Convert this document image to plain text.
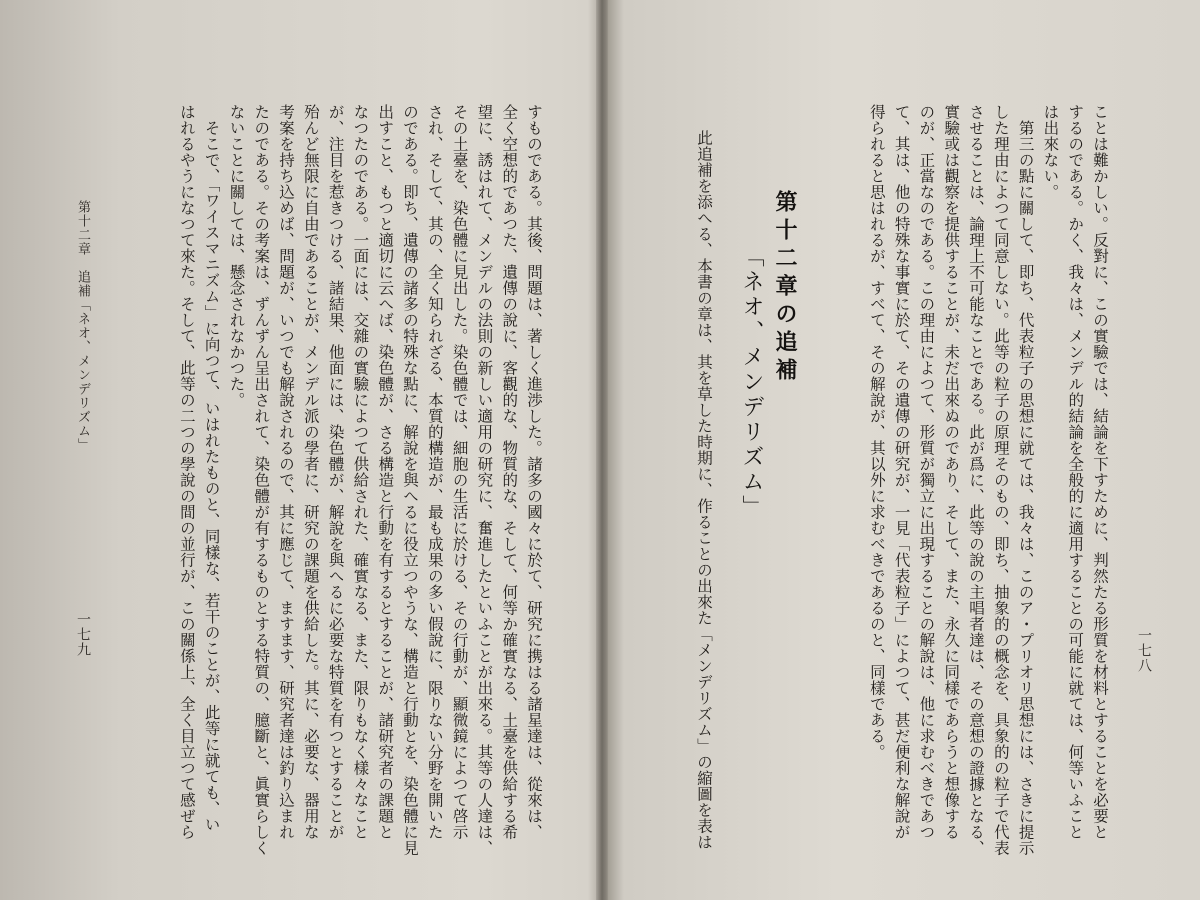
一七八
ことは難かしい。反對に、この實驗では、結論を下すために、判然たる形質を材料とすることを必要と
するのである。かく、我々は、メンデル的結論を全般的に適用することの可能に就ては、何等いふこと
は出來ない。
　第三の點に關して、即ち、代表粒子の思想に就ては、我々は、このア・プリオリ思想には、さきに提示
した理由によつて同意しない。此等の粒子の原理そのもの、即ち、抽象的の概念を、具象的の粒子で代表
させることは、論理上不可能なことである。此が爲に、此等の說の主唱者達は、その意想の證據となる、
實驗或は觀察を提供することが、未だ出來ぬのであり、そして、また、永久に同樣であらうと想像する
のが、正當なのである。この理由によつて、形質が獨立に出現することの解說は、他に求むべきであつ
て、其は、他の特殊な事實に於て、その遺傳の研究が、一見「代表粒子」によつて、甚だ便利な解說が
得られると思はれるが、すべて、その解說が、其以外に求むべきであるのと、同樣である。
第十二章の追補
「ネオ、メンデリズム」
此追補を添へる、本書の章は、其を草した時期に、作ることの出來た「メンデリズム」の縮圖を表は
一七九
第十二章　追補「ネオ、メンデリズム」	すものである。其後、問題は、著しく進渉した。諸多の國々に於て、研究に携はる諸星達は、從來は、
全く空想的であつた、遺傳の說に、客觀的な、物質的な、そして、何等か確實なる、土臺を供給する希
望に、誘はれて、メンデルの法則の新しい適用の研究に、奮進したといふことが出來る。其等の人達は、
その土臺を、染色體に見出した。染色體では、細胞の生活に於ける、その行動が、顯微鏡によつて啓示
され、そして、其の、全く知られざる、本質的構造が、最も成果の多い假說に、限りない分野を開いた
のである。即ち、遺傳の諸多の特殊な點に、解說を與へるに役立つやうな、構造と行動とを、染色體に見
出すこと、もつと適切に云へば、染色體が、さる構造と行動を有するとすることが、諸研究者の課題と
なつたのである。一面には、交雜の實驗によつて供給された、確實なる、また、限りもなく樣々なこと
が、注目を惹きつける、諸結果、他面には、染色體が、解說を與へるに必要な特質を有つとすることが
殆んど無限に自由であることが、メンデル派の學者に、研究の課題を供給した。其に、必要な、器用な
考案を持ち込めば、問題が、いつでも解說されるので、其に應じて、ますます、研究者達は釣り込まれ
たのである。その考案は、ずんずん呈出されて、染色體が有するものとする特質の、臆斷と、眞實らしく
ないことに關しては、懸念されなかつた。
　そこで、「ワイスマニズム」に向つて、いはれたものと、同樣な、若干のことが、此等に就ても、い
はれるやうになつて來た。そして、此等の二つの學說の間の並行が、この關係上、全く目立つて感ぜら
